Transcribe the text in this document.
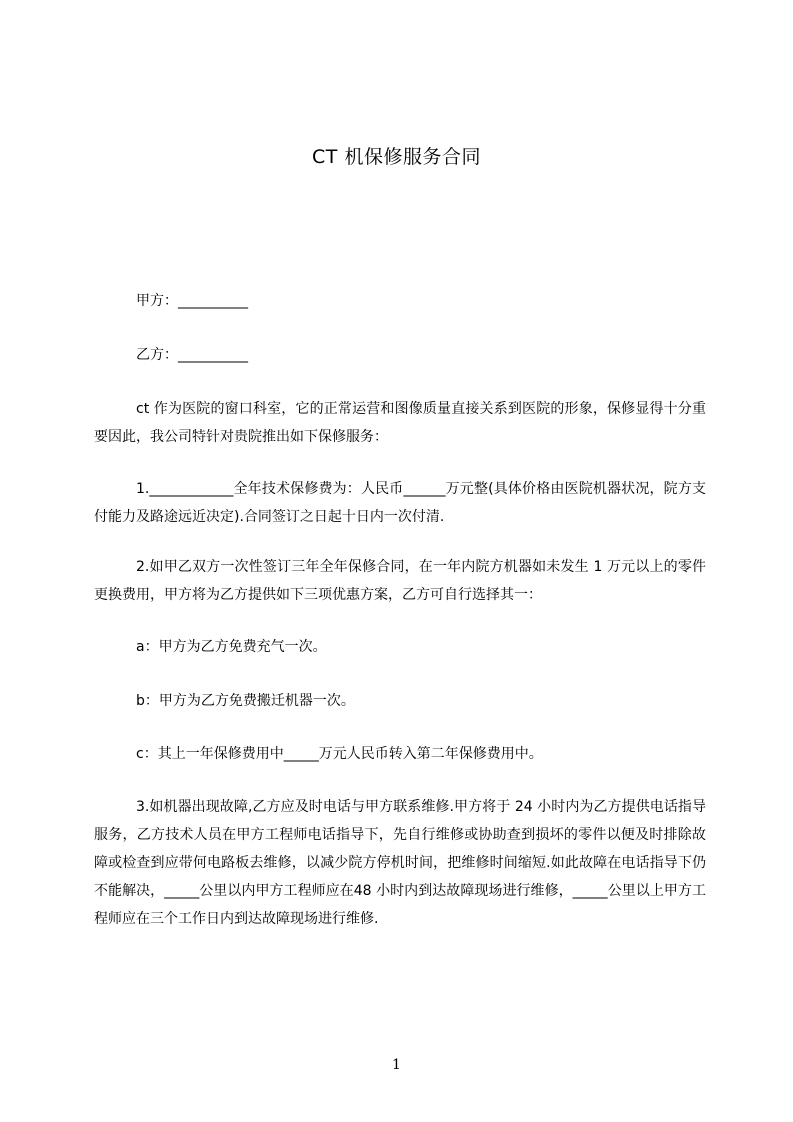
CT 机保修服务合同
甲方：__________
乙方：__________
ct 作为医院的窗口科室，它的正常运营和图像质量直接关系到医院的形象，保修显得十分重要因此，我公司特针对贵院推出如下保修服务：
1.____________全年技术保修费为：人民币______万元整(具体价格由医院机器状况，院方支付能力及路途远近决定).合同签订之日起十日内一次付清.
2.如甲乙双方一次性签订三年全年保修合同，在一年内院方机器如未发生 1 万元以上的零件更换费用，甲方将为乙方提供如下三项优惠方案，乙方可自行选择其一：
a：甲方为乙方免费充气一次。
b：甲方为乙方免费搬迁机器一次。
c：其上一年保修费用中_____万元人民币转入第二年保修费用中。
3.如机器出现故障,乙方应及时电话与甲方联系维修.甲方将于 24 小时内为乙方提供电话指导服务，乙方技术人员在甲方工程师电话指导下，先自行维修或协助查到损坏的零件以便及时排除故障或检查到应带何电路板去维修，以减少院方停机时间，把维修时间缩短.如此故障在电话指导下仍不能解决，_____公里以内甲方工程师应在48 小时内到达故障现场进行维修，_____公里以上甲方工程师应在三个工作日内到达故障现场进行维修.
1
